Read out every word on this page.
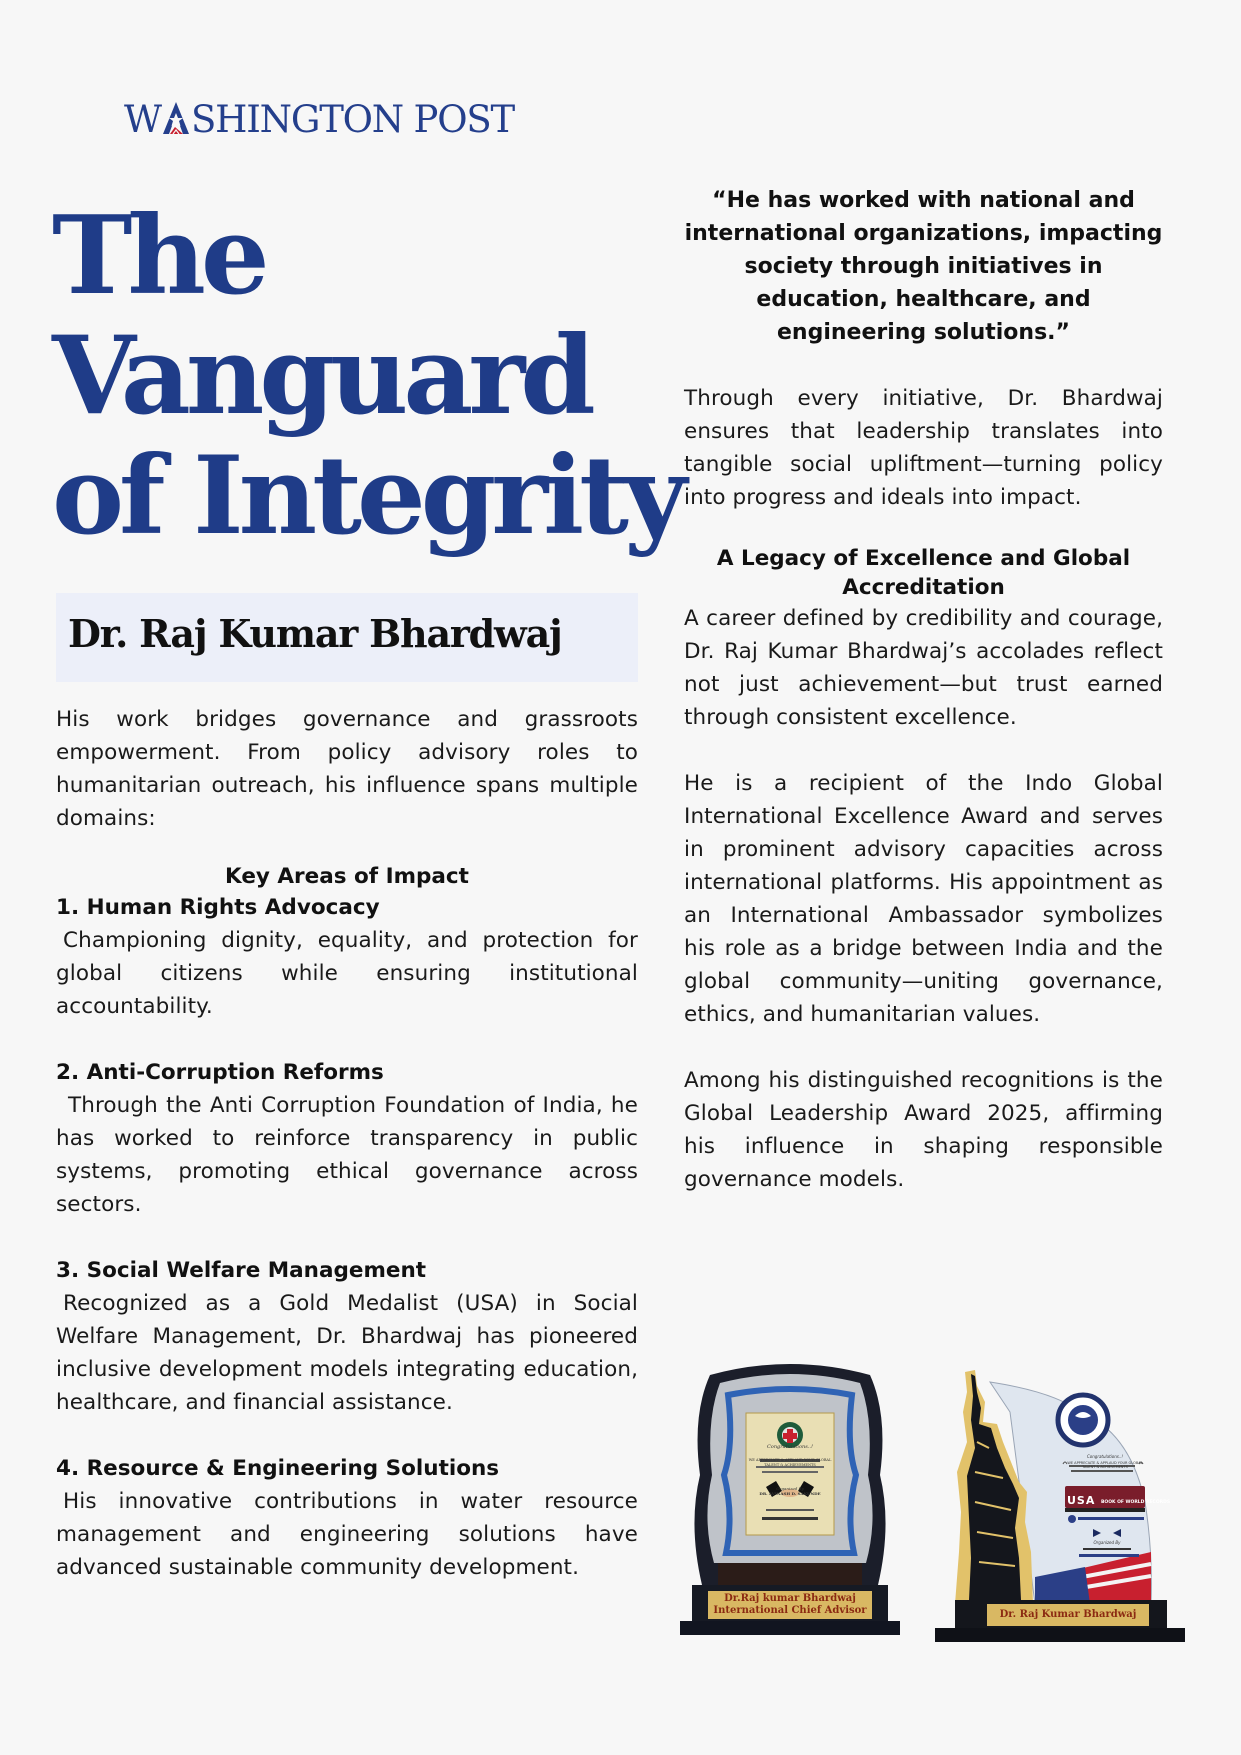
W SHINGTON POST
The
Vanguard
of Integrity
Dr. Raj Kumar Bhardwaj

His work bridges governance and grassroots empowerment. From policy advisory roles to humanitarian outreach, his influence spans multiple domains:

Key Areas of Impact

1. Human Rights Advocacy

Championing dignity, equality, and protection for global citizens while ensuring institutional accountability.

2. Anti-Corruption Reforms

Through the Anti Corruption Foundation of India, he has worked to reinforce transparency in public systems, promoting ethical governance across sectors.

3. Social Welfare Management

Recognized as a Gold Medalist (USA) in Social Welfare Management, Dr. Bhardwaj has pioneered inclusive development models integrating education, healthcare, and financial assistance.

4. Resource & Engineering Solutions

His innovative contributions in water resource management and engineering solutions have advanced sustainable community development.

“He has worked with national and international organizations, impacting society through initiatives in education, healthcare, and engineering solutions.”

Through every initiative, Dr. Bhardwaj ensures that leadership translates into tangible social upliftment—turning policy into progress and ideals into impact.

A Legacy of Excellence and Global Accreditation

A career defined by credibility and courage, Dr. Raj Kumar Bhardwaj’s accolades reflect not just achievement—but trust earned through consistent excellence.

He is a recipient of the Indo Global International Excellence Award and serves in prominent advisory capacities across international platforms. His appointment as an International Ambassador symbolizes his role as a bridge between India and the global community—uniting governance, ethics, and humanitarian values.

Among his distinguished recognitions is the Global Leadership Award 2025, affirming his influence in shaping responsible governance models.

Dr.Raj kumar Bhardwaj
International Chief Advisor
Congratulations..!
WE APPRECIATE & APPLAUD YOUR GLOBAL TALENT & ACHIEVEMENTS
Organized By
DR. AVINASH D. SAKUNDE
Dr. Raj Kumar Bhardwaj
Congratulations..!
WE APPRECIATE & APPLAUD YOUR GLOBAL TALENT & ACHIEVEMENTS
USA BOOK OF WORLD RECORDS
Organized By
